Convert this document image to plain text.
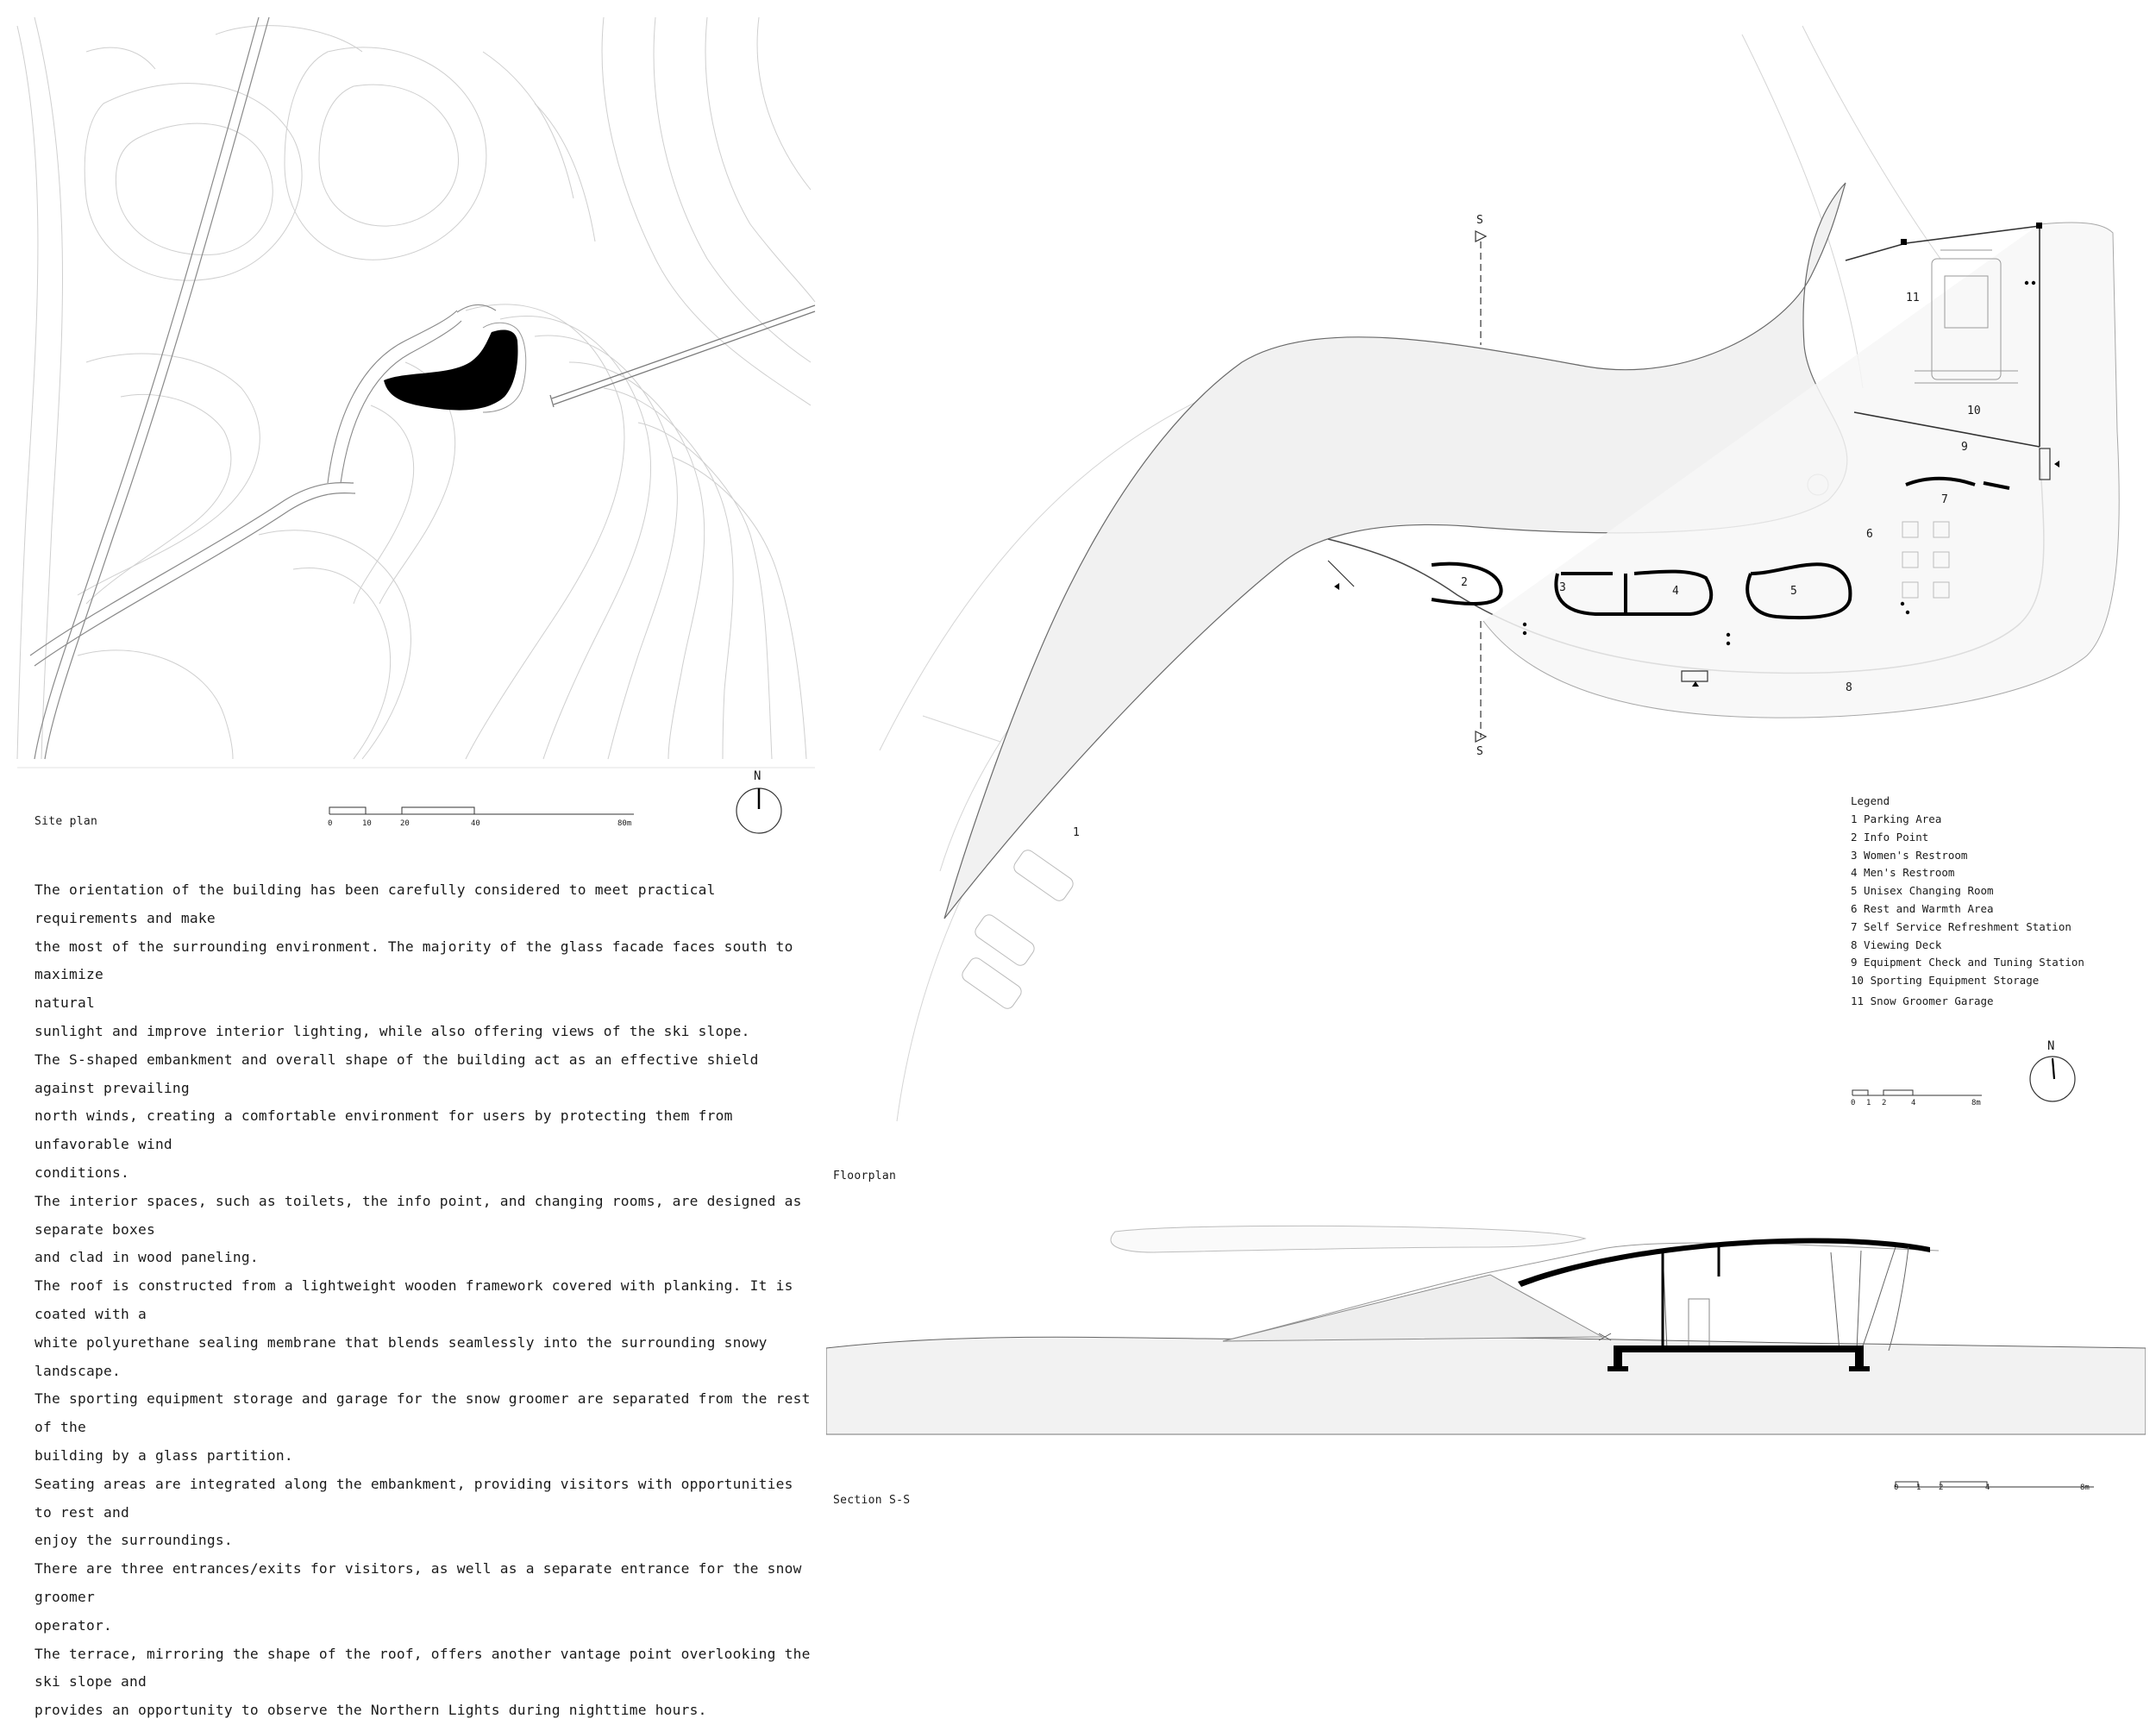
Site plan	0	10	20	40	80m
N

The orientation of the building has been carefully considered to meet practical requirements and make

the most of the surrounding environment. The majority of the glass facade faces south to maximize

natural

sunlight and improve interior lighting, while also offering views of the ski slope.

The S-shaped embankment and overall shape of the building act as an effective shield against prevailing

north winds, creating a comfortable environment for users by protecting them from unfavorable wind

conditions.

The interior spaces, such as toilets, the info point, and changing rooms, are designed as separate boxes

and clad in wood paneling.

The roof is constructed from a lightweight wooden framework covered with planking. It is coated with a

white polyurethane sealing membrane that blends seamlessly into the surrounding snowy landscape.

The sporting equipment storage and garage for the snow groomer are separated from the rest of the

building by a glass partition.

Seating areas are integrated along the embankment, providing visitors with opportunities to rest and

enjoy the surroundings.

There are three entrances/exits for visitors, as well as a separate entrance for the snow groomer

operator.

The terrace, mirroring the shape of the roof, offers another vantage point overlooking the ski slope and

provides an opportunity to observe the Northern Lights during nighttime hours.

S
S
1
2	3	4	5
6
7
8
9
10
11
Legend
1 Parking Area
2 Info Point
3 Women's Restroom
4 Men's Restroom
5 Unisex Changing Room
6 Rest and Warmth Area
7 Self Service Refreshment Station
8 Viewing Deck
9 Equipment Check and Tuning Station
10 Sporting Equipment Storage
11 Snow Groomer Garage
0 1 2	4	8m
N
Floorplan
Section S-S
0 1 2	4	8m
